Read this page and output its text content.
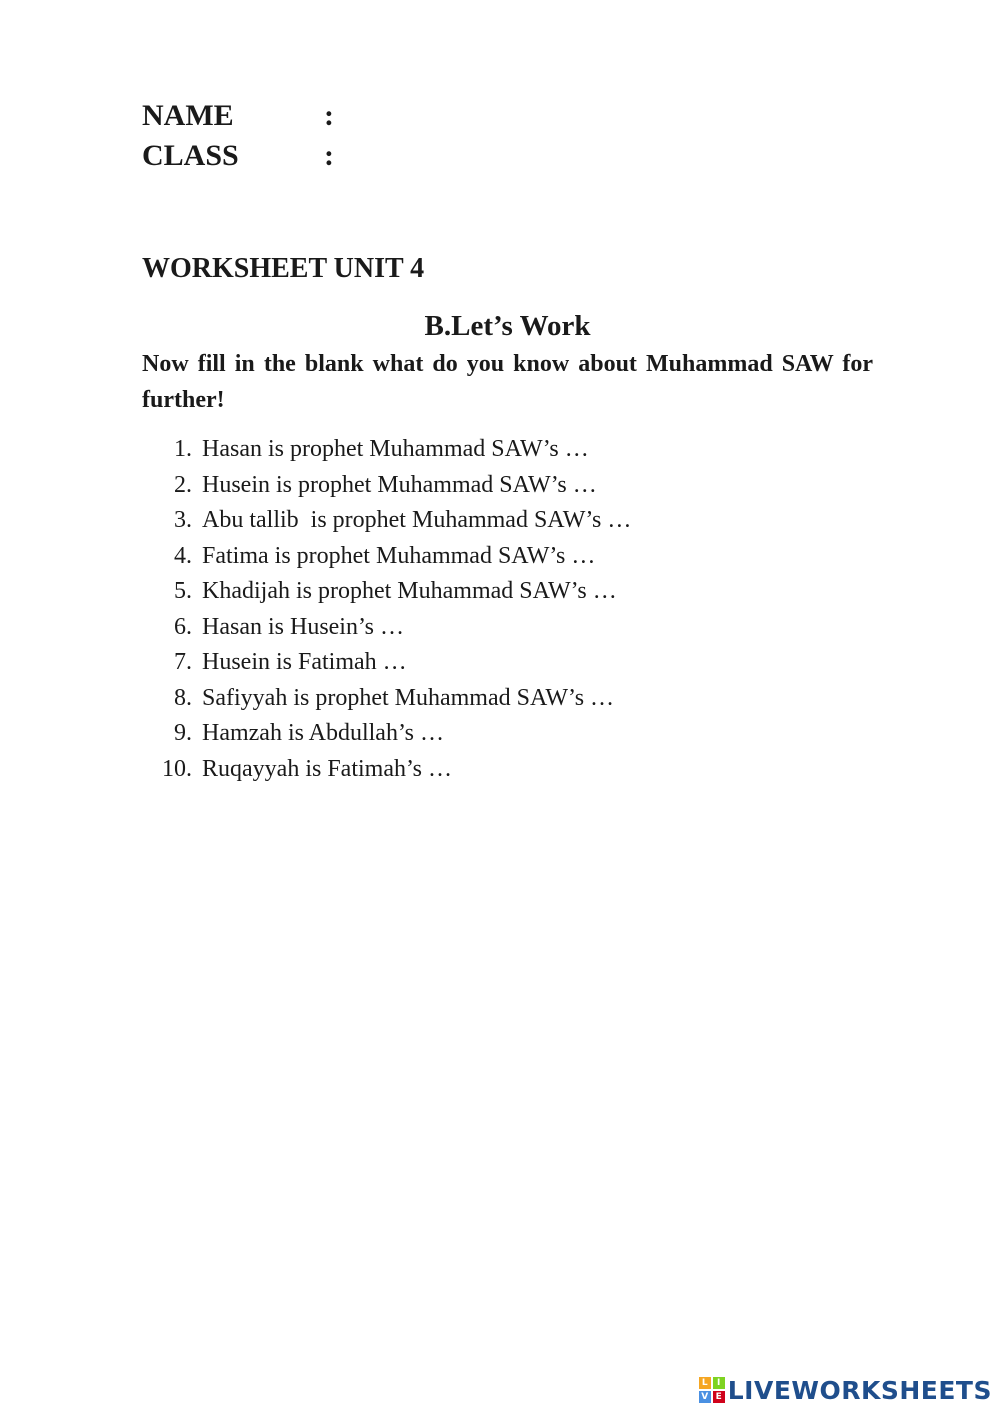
NAME	:
CLASS	:
WORKSHEET UNIT 4
B.Let’s Work
Now fill in the blank what do you know about Muhammad SAW for further!
1. Hasan is prophet Muhammad SAW’s …
2. Husein is prophet Muhammad SAW’s …
3. Abu tallib  is prophet Muhammad SAW’s …
4. Fatima is prophet Muhammad SAW’s …
5. Khadijah is prophet Muhammad SAW’s …
6. Hasan is Husein’s …
7. Husein is Fatimah …
8. Safiyyah is prophet Muhammad SAW’s …
9. Hamzah is Abdullah’s …
10. Ruqayyah is Fatimah’s …
L	I
V E LIVEWORKSHEETS
